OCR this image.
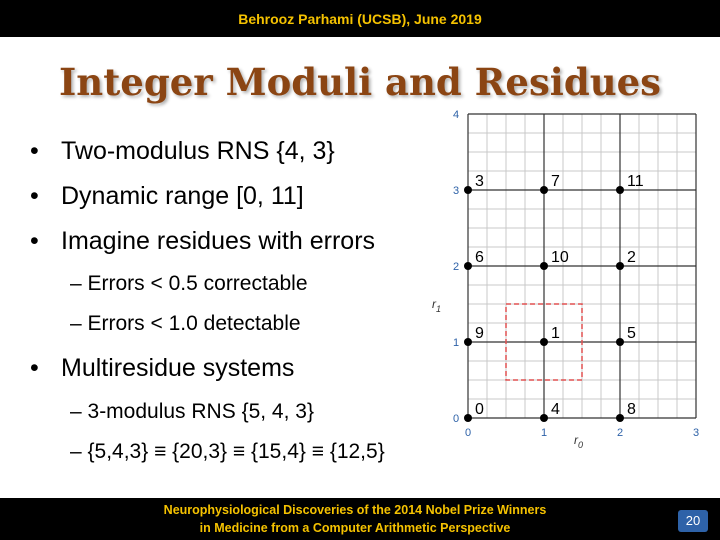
Behrooz Parhami (UCSB), June 2019
Integer Moduli and Residues
• Two-modulus RNS {4, 3}
• Dynamic range [0, 11]
• Imagine residues with errors
– Errors < 0.5 correctable
– Errors < 1.0 detectable
• Multiresidue systems
– 3-modulus RNS {5, 4, 3}
– {5,4,3} ≡ {20,3} ≡ {15,4} ≡ {12,5}
0	1	2	3
0
1
2
3
4
$r_0$
$r_1$
0	4	8
9	1	5
6	10	2
3	7	11
Neurophysiological Discoveries of the 2014 Nobel Prize Winners
in Medicine from a Computer Arithmetic Perspective	20
